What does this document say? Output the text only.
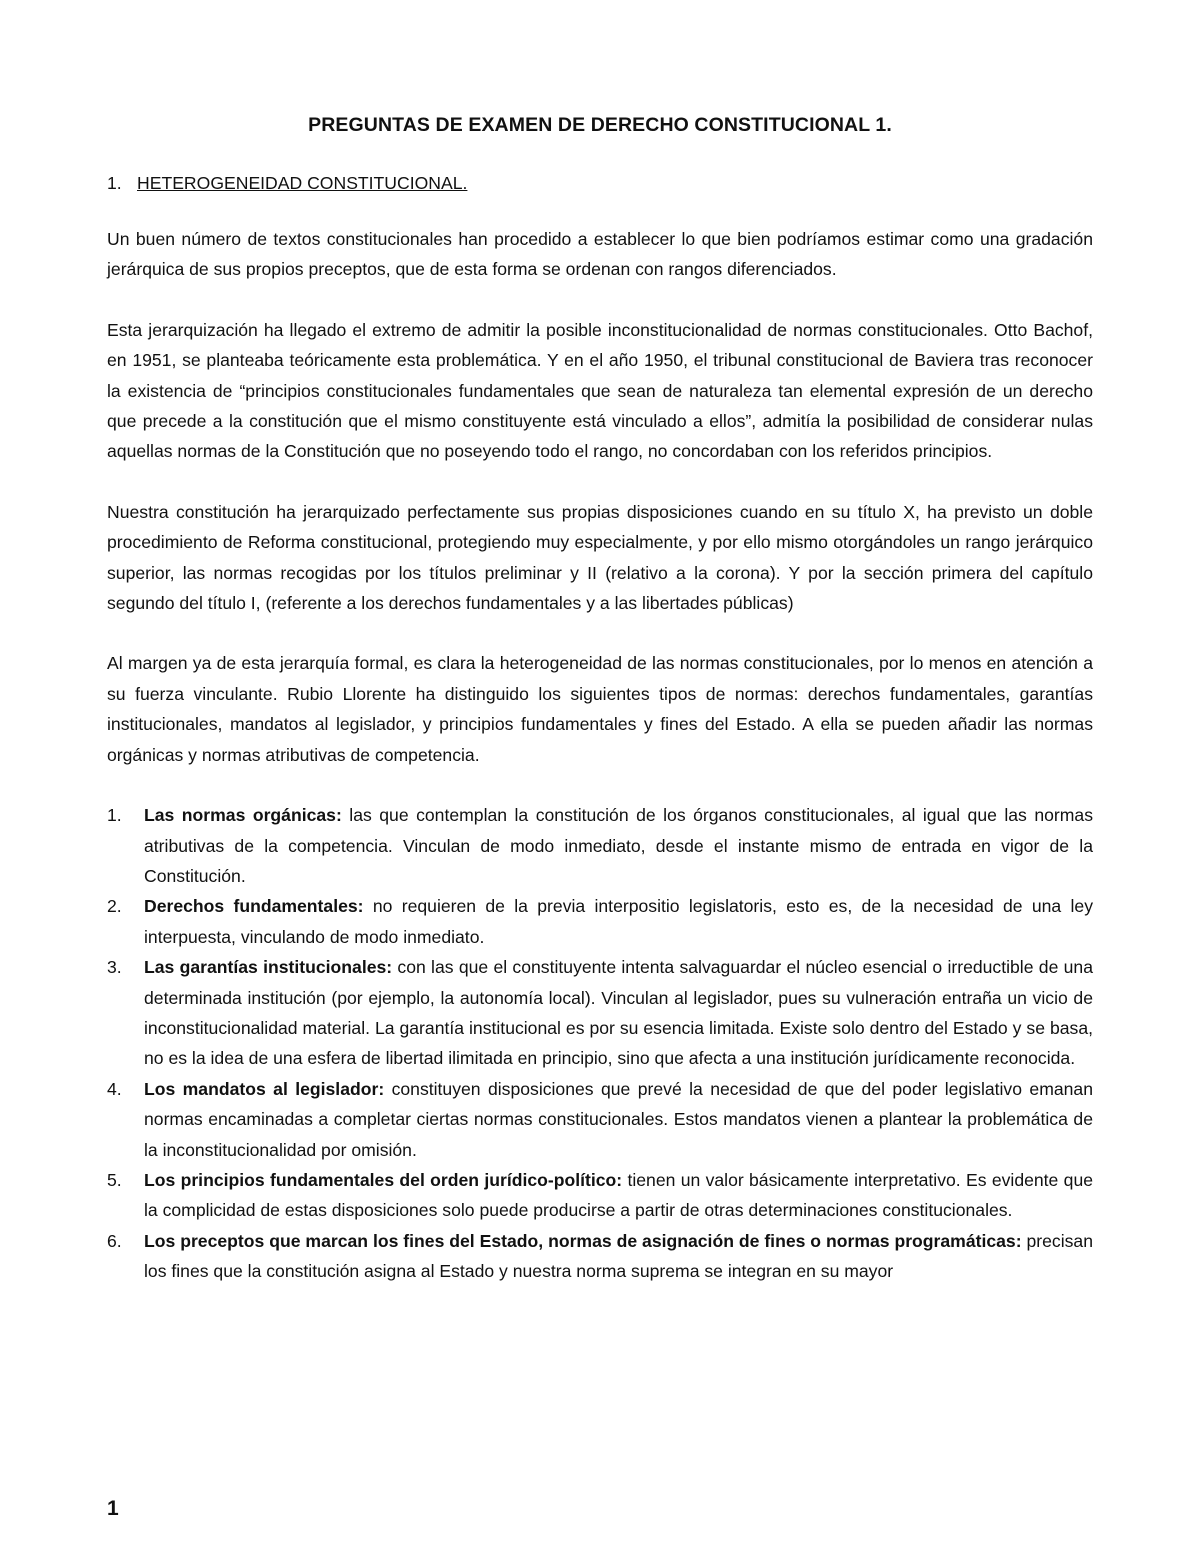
PREGUNTAS DE EXAMEN DE DERECHO CONSTITUCIONAL 1.
1. HETEROGENEIDAD CONSTITUCIONAL.

Un buen número de textos constitucionales han procedido a establecer lo que bien podríamos estimar como una gradación jerárquica de sus propios preceptos, que de esta forma se ordenan con rangos diferenciados.

Esta jerarquización ha llegado el extremo de admitir la posible inconstitucionalidad de normas constitucionales. Otto Bachof, en 1951, se planteaba teóricamente esta problemática. Y en el año 1950, el tribunal constitucional de Baviera tras reconocer la existencia de “principios constitucionales fundamentales que sean de naturaleza tan elemental expresión de un derecho que precede a la constitución que el mismo constituyente está vinculado a ellos”, admitía la posibilidad de considerar nulas aquellas normas de la Constitución que no poseyendo todo el rango, no concordaban con los referidos principios.

Nuestra constitución ha jerarquizado perfectamente sus propias disposiciones cuando en su título X, ha previsto un doble procedimiento de Reforma constitucional, protegiendo muy especialmente, y por ello mismo otorgándoles un rango jerárquico superior, las normas recogidas por los títulos preliminar y II (relativo a la corona). Y por la sección primera del capítulo segundo del título I, (referente a los derechos fundamentales y a las libertades públicas)

Al margen ya de esta jerarquía formal, es clara la heterogeneidad de las normas constitucionales, por lo menos en atención a su fuerza vinculante. Rubio Llorente ha distinguido los siguientes tipos de normas: derechos fundamentales, garantías institucionales, mandatos al legislador, y principios fundamentales y fines del Estado. A ella se pueden añadir las normas orgánicas y normas atributivas de competencia.

1.	Las normas orgánicas: las que contemplan la constitución de los órganos constitucionales, al igual que las normas atributivas de la competencia. Vinculan de modo inmediato, desde el instante mismo de entrada en vigor de la Constitución.
2.	Derechos fundamentales: no requieren de la previa interpositio legislatoris, esto es, de la necesidad de una ley interpuesta, vinculando de modo inmediato.
3.	Las garantías institucionales: con las que el constituyente intenta salvaguardar el núcleo esencial o irreductible de una determinada institución (por ejemplo, la autonomía local). Vinculan al legislador, pues su vulneración entraña un vicio de inconstitucionalidad material. La garantía institucional es por su esencia limitada. Existe solo dentro del Estado y se basa, no es la idea de una esfera de libertad ilimitada en principio, sino que afecta a una institución jurídicamente reconocida.
4.	Los mandatos al legislador: constituyen disposiciones que prevé la necesidad de que del poder legislativo emanan normas encaminadas a completar ciertas normas constitucionales. Estos mandatos vienen a plantear la problemática de la inconstitucionalidad por omisión.
5.	Los principios fundamentales del orden jurídico-político: tienen un valor básicamente interpretativo. Es evidente que la complicidad de estas disposiciones solo puede producirse a partir de otras determinaciones constitucionales.
6.	Los preceptos que marcan los fines del Estado, normas de asignación de fines o normas programáticas: precisan los fines que la constitución asigna al Estado y nuestra norma suprema se integran en su mayor
1
